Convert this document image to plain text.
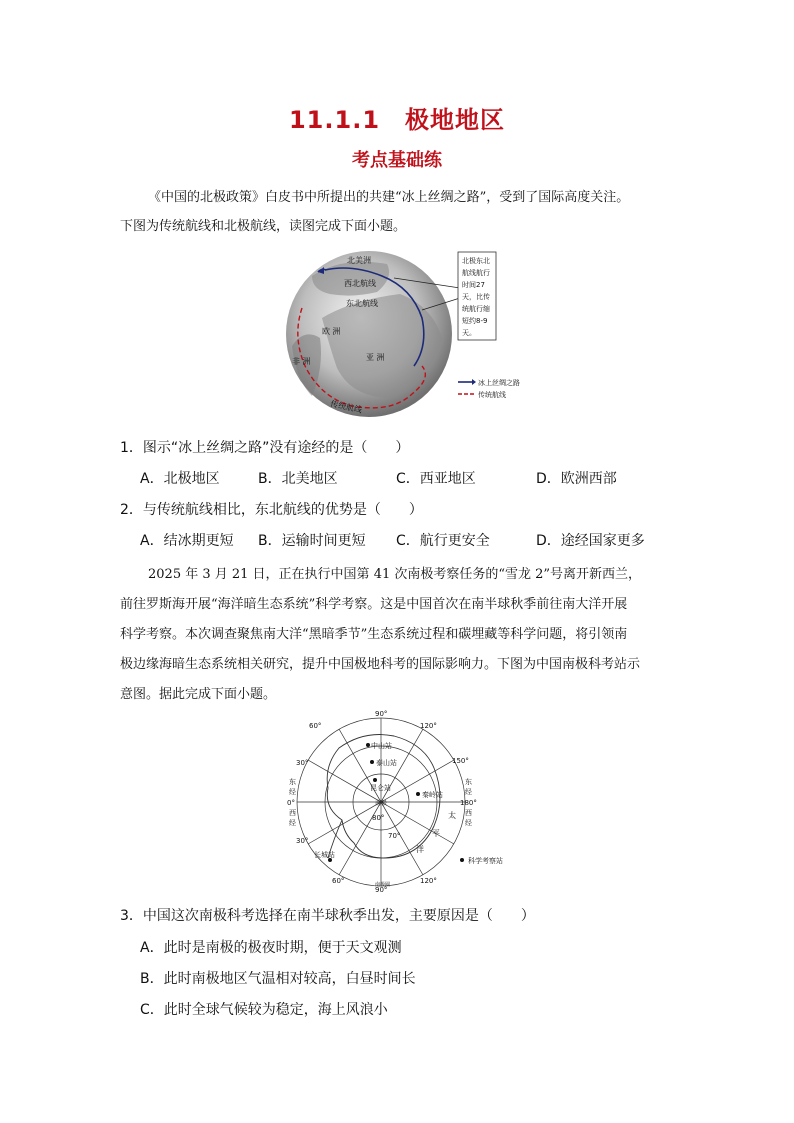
11.1.1　极地地区
考点基础练
《中国的北极政策》白皮书中所提出的共建“冰上丝绸之路”，受到了国际高度关注。
下图为传统航线和北极航线，读图完成下面小题。
北极东北
航线航行
时间27
天，比传
统航行缩
短约8-9
天。
北美洲
西北航线
东北航线
欧 洲
非 洲	亚 洲
传统航线
冰上丝绸之路
传统航线
1．图示“冰上丝绸之路”没有途经的是（　　）
A．北极地区	B．北美地区	C．西亚地区	D．欧洲西部
2．与传统航线相比，东北航线的优势是（　　）
A．结冰期更短 B．运输时间更短 C．航行更安全	D．途经国家更多
2025 年 3 月 21 日，正在执行中国第 41 次南极考察任务的“雪龙 2”号离开新西兰，
前往罗斯海开展“海洋暗生态系统”科学考察。这是中国首次在南半球秋季前往南大洋开展
科学考察。本次调查聚焦南大洋“黑暗季节”生态系统过程和碳埋藏等科学问题，将引领南
极边缘海暗生态系统相关研究，提升中国极地科考的国际影响力。下图为中国南极科考站示
意图。据此完成下面小题。
90°
60°	120°
150°
30°
30°
60°	120°
90°
70°
80°
东
经
0°
西
经
东
经
180°
西
经
中山站
泰山站
昆仑站
秦岭站
长城站
南极
南极圈
太
平
洋
科学考察站
3．中国这次南极科考选择在南半球秋季出发，主要原因是（　　）
A．此时是南极的极夜时期，便于天文观测
B．此时南极地区气温相对较高，白昼时间长
C．此时全球气候较为稳定，海上风浪小
